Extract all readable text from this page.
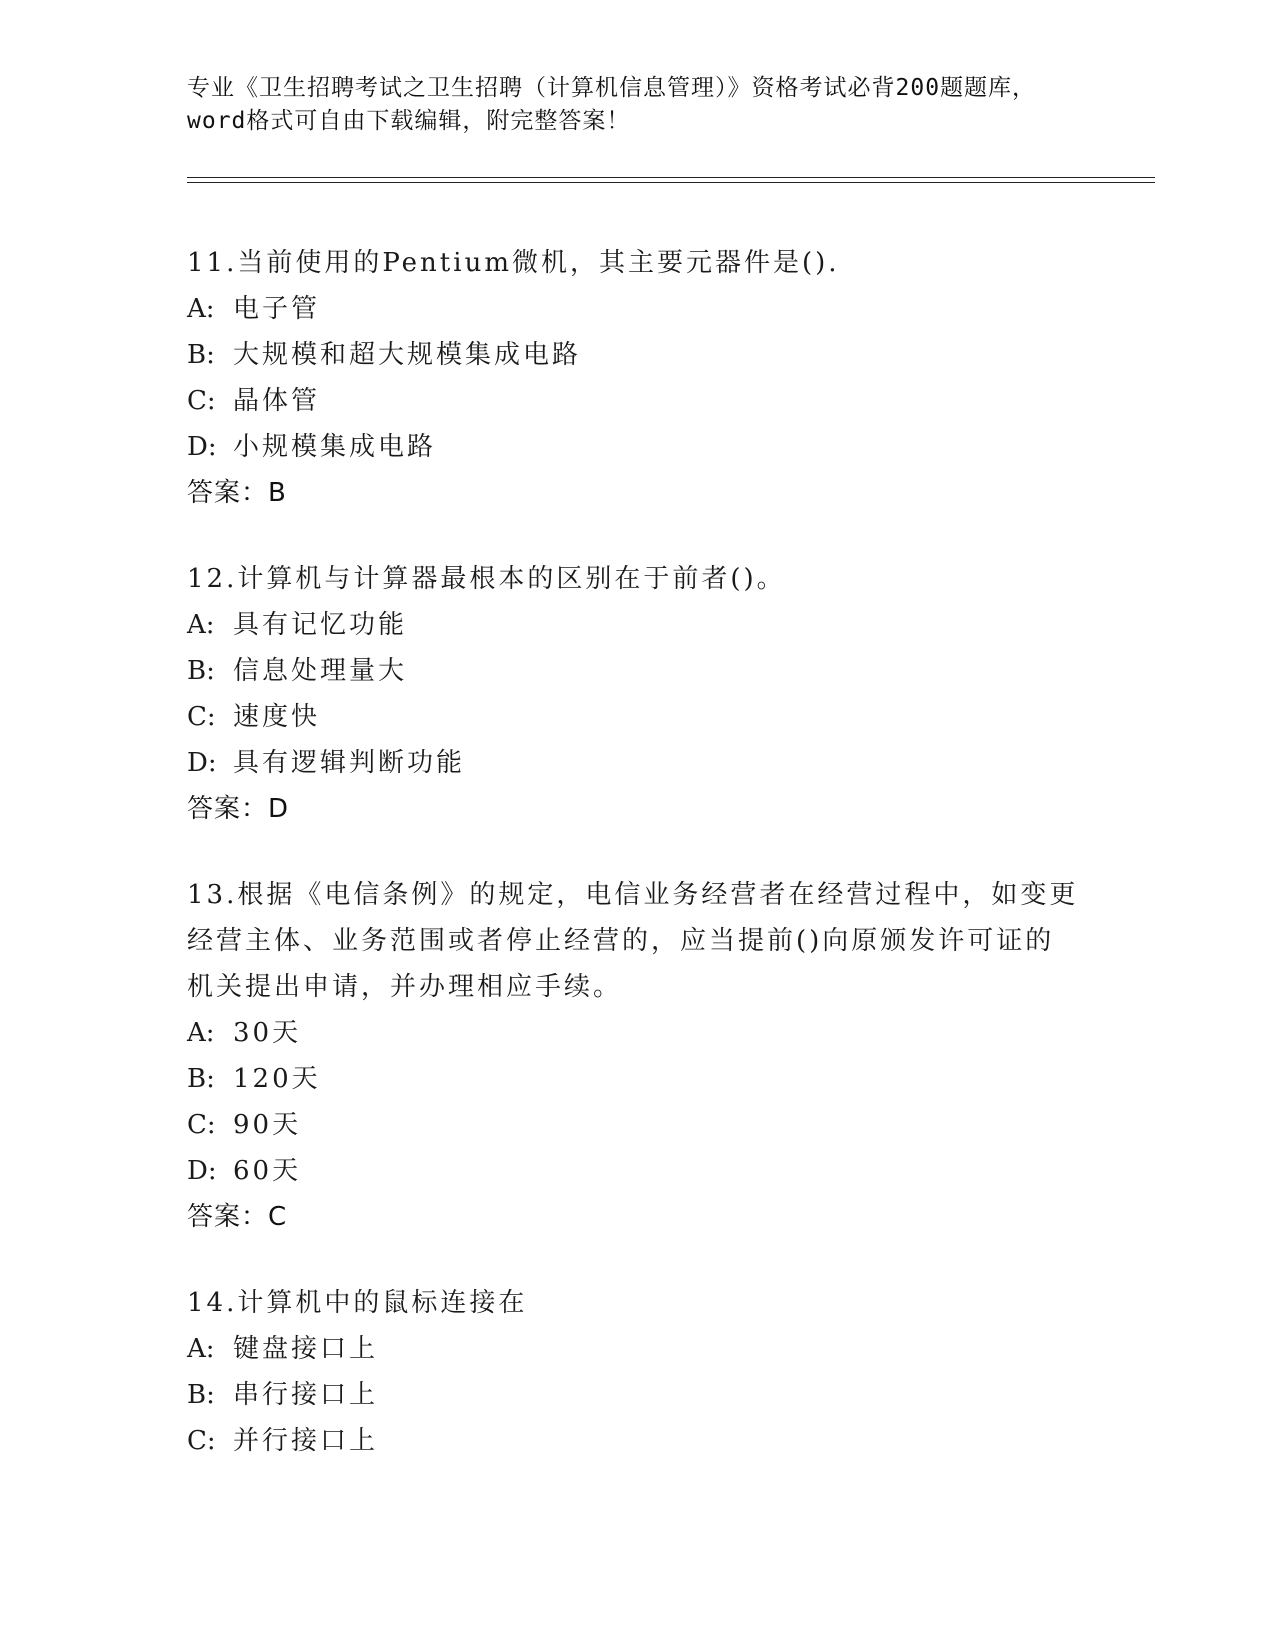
专业《卫生招聘考试之卫生招聘（计算机信息管理）》资格考试必背200题题库，
word格式可自由下载编辑，附完整答案！
11.当前使用的Pentium微机，其主要元器件是().
A: 电子管
B: 大规模和超大规模集成电路
C: 晶体管
D: 小规模集成电路
答案：B
12.计算机与计算器最根本的区别在于前者()。
A: 具有记忆功能
B: 信息处理量大
C: 速度快
D: 具有逻辑判断功能
答案：D
13.根据《电信条例》的规定，电信业务经营者在经营过程中，如变更
经营主体、业务范围或者停止经营的，应当提前()向原颁发许可证的
机关提出申请，并办理相应手续。
A: 30天
B: 120天
C: 90天
D: 60天
答案：C
14.计算机中的鼠标连接在
A: 键盘接口上
B: 串行接口上
C: 并行接口上
